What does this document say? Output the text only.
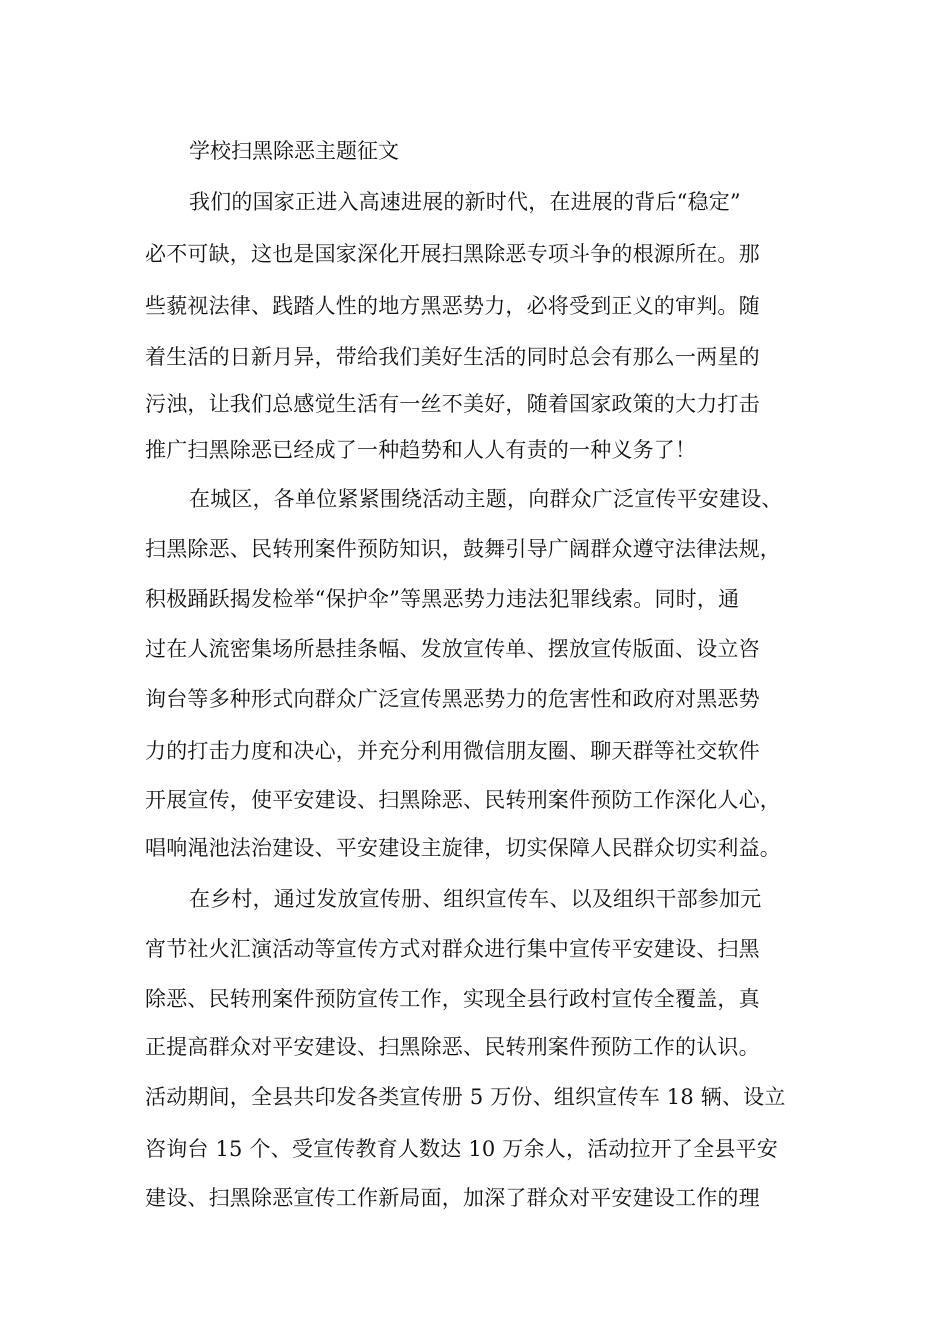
学校扫黑除恶主题征文
我们的国家正进入高速进展的新时代，在进展的背后“稳定”
必不可缺，这也是国家深化开展扫黑除恶专项斗争的根源所在。那
些藐视法律、践踏人性的地方黑恶势力，必将受到正义的审判。随
着生活的日新月异，带给我们美好生活的同时总会有那么一两星的
污浊，让我们总感觉生活有一丝不美好，随着国家政策的大力打击
推广扫黑除恶已经成了一种趋势和人人有责的一种义务了！
在城区，各单位紧紧围绕活动主题，向群众广泛宣传平安建设、
扫黑除恶、民转刑案件预防知识，鼓舞引导广阔群众遵守法律法规，
积极踊跃揭发检举“保护伞”等黑恶势力违法犯罪线索。同时，通
过在人流密集场所悬挂条幅、发放宣传单、摆放宣传版面、设立咨
询台等多种形式向群众广泛宣传黑恶势力的危害性和政府对黑恶势
力的打击力度和决心，并充分利用微信朋友圈、聊天群等社交软件
开展宣传，使平安建设、扫黑除恶、民转刑案件预防工作深化人心，
唱响渑池法治建设、平安建设主旋律，切实保障人民群众切实利益。
在乡村，通过发放宣传册、组织宣传车、以及组织干部参加元
宵节社火汇演活动等宣传方式对群众进行集中宣传平安建设、扫黑
除恶、民转刑案件预防宣传工作，实现全县行政村宣传全覆盖，真
正提高群众对平安建设、扫黑除恶、民转刑案件预防工作的认识。
活动期间，全县共印发各类宣传册 5 万份、组织宣传车 18 辆、设立
咨询台 15 个、受宣传教育人数达 10 万余人，活动拉开了全县平安
建设、扫黑除恶宣传工作新局面，加深了群众对平安建设工作的理
